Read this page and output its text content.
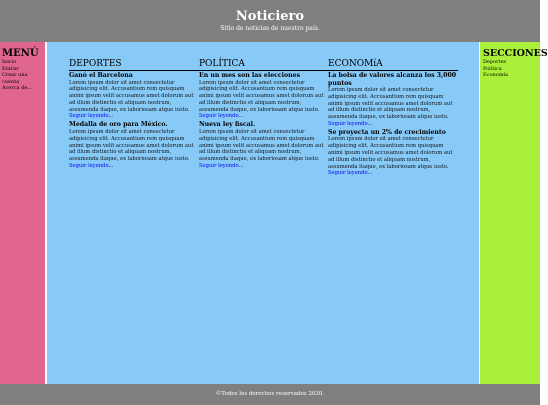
Noticiero
Sitio de noticias de nuestro país.
MENÚ
Inicio
Entrar
Crear una cuenta
Acerca de...
DEPORTES
Ganó el Barcelona
Lorem ipsum dolor sit amet consectetur adipisicing elit. Accusantium rem quisquam animi ipsum velit accusamus amet dolorum aut ad illum distinctio et aliquam nostrum, assumenda itaque, ex laboriosam atque iusto.
Seguir leyendo...
Medalla de oro para México.
Lorem ipsum dolor sit amet consectetur adipisicing elit. Accusantium rem quisquam animi ipsum velit accusamus amet dolorum aut ad illum distinctio et aliquam nostrum, assumenda itaque, ex laboriosam atque iusto.
Seguir leyendo...
POLÍTICA
En un mes son las elecciones
Lorem ipsum dolor sit amet consectetur adipisicing elit. Accusantium rem quisquam animi ipsum velit accusamus amet dolorum aut ad illum distinctio et aliquam nostrum, assumenda itaque, ex laboriosam atque iusto.
Seguir leyendo...
Nueva ley fiscal.
Lorem ipsum dolor sit amet consectetur adipisicing elit. Accusantium rem quisquam animi ipsum velit accusamus amet dolorum aut ad illum distinctio et aliquam nostrum, assumenda itaque, ex laboriosam atque iusto.
Seguir leyendo...
ECONOMíA
La bolsa de valores alcanza los 3,000 puntos
Lorem ipsum dolor sit amet consectetur adipisicing elit. Accusantium rem quisquam animi ipsum velit accusamus amet dolorum aut ad illum distinctio et aliquam nostrum, assumenda itaque, ex laboriosam atque iusto.
Seguir leyendo...
Se proyecta un 2% de crecimiento
Lorem ipsum dolor sit amet consectetur adipisicing elit. Accusantium rem quisquam animi ipsum velit accusamus amet dolorum aut ad illum distinctio et aliquam nostrum, assumenda itaque, ex laboriosam atque iusto.
Seguir leyendo...
SECCIONES
Deportes
Política
Economía
©Todos los derechos reservados 2020.
